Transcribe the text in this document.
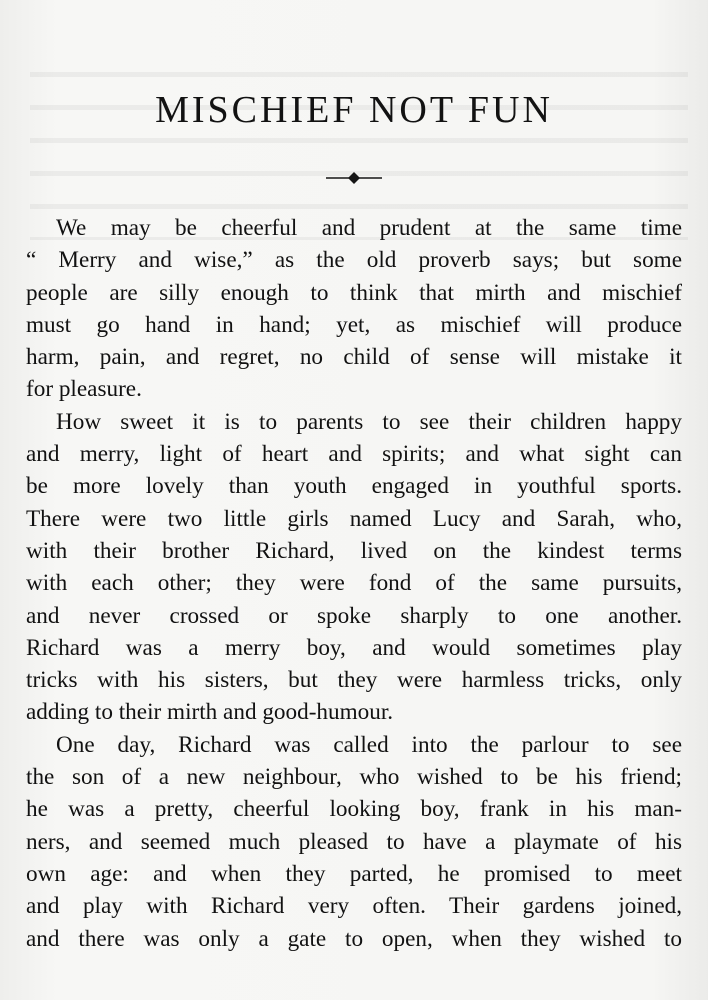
MISCHIEF NOT FUN

We may be cheerful and prudent at the same time
“ Merry and wise,” as the old proverb says; but some
people are silly enough to think that mirth and mischief
must go hand in hand; yet, as mischief will produce
harm, pain, and regret, no child of sense will mistake it
for pleasure.

How sweet it is to parents to see their children happy
and merry, light of heart and spirits; and what sight can
be more lovely than youth engaged in youthful sports.
There were two little girls named Lucy and Sarah, who,
with their brother Richard, lived on the kindest terms
with each other; they were fond of the same pursuits,
and never crossed or spoke sharply to one another.
Richard was a merry boy, and would sometimes play
tricks with his sisters, but they were harmless tricks, only
adding to their mirth and good-humour.

One day, Richard was called into the parlour to see
the son of a new neighbour, who wished to be his friend;
he was a pretty, cheerful looking boy, frank in his man-
ners, and seemed much pleased to have a playmate of his
own age: and when they parted, he promised to meet
and play with Richard very often. Their gardens joined,
and there was only a gate to open, when they wished to
